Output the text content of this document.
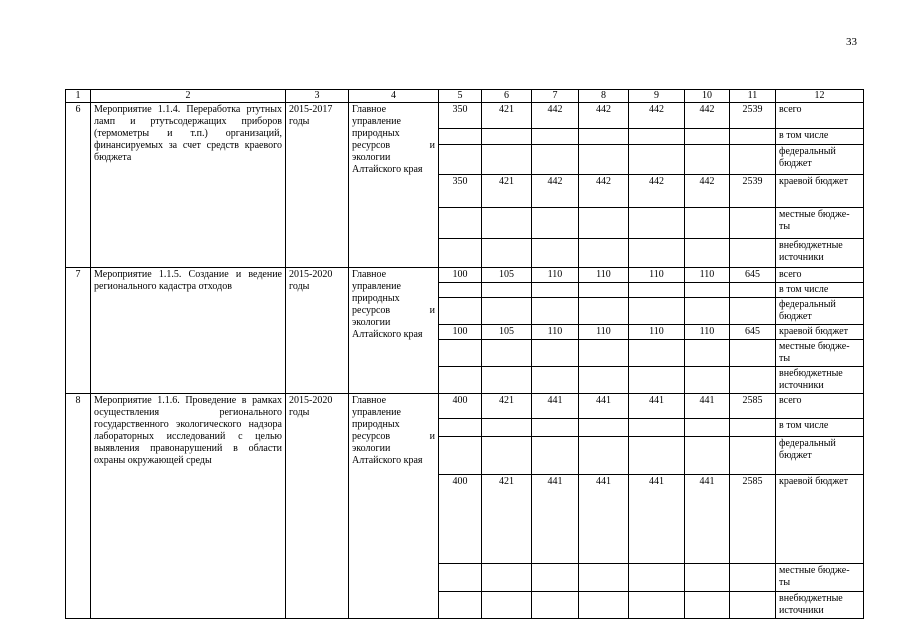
33
1	2	3	4	5	6	7	8	9	10	11	12
6	Мероприятие 1.1.4. Переработка ртутных ламп и ртутьсодержащих приборов (термометры и т.п.) организаций, финансируемых за счет средств краевого бюджета	2015-2017 годы	Главное управление природных ресурсов и экологии Алтайского края	350	421	442	442	442	442	2539	всего
											в том числе
											федеральный бюджет
				350	421	442	442	442	442	2539	краевой бюджет
											местные бюдже-ты
											внебюджетные источники
7	Мероприятие 1.1.5. Создание и ведение регионального кадастра отходов	2015-2020 годы	Главное управление природных ресурсов и экологии Алтайского края	100	105	110	110	110	110	645	всего
											в том числе
											федеральный бюджет
				100	105	110	110	110	110	645	краевой бюджет
											местные бюдже-ты
											внебюджетные источники
8	Мероприятие 1.1.6. Проведение в рамках осуществления регионального государственного экологического надзора лабораторных исследований с целью выявления правонарушений в области охраны окружающей среды	2015-2020 годы	Главное управление природных ресурсов и экологии Алтайского края	400	421	441	441	441	441	2585	всего
											в том числе
											федеральный бюджет
				400	421	441	441	441	441	2585	краевой бюджет
											местные бюдже-ты
											внебюджетные источники
